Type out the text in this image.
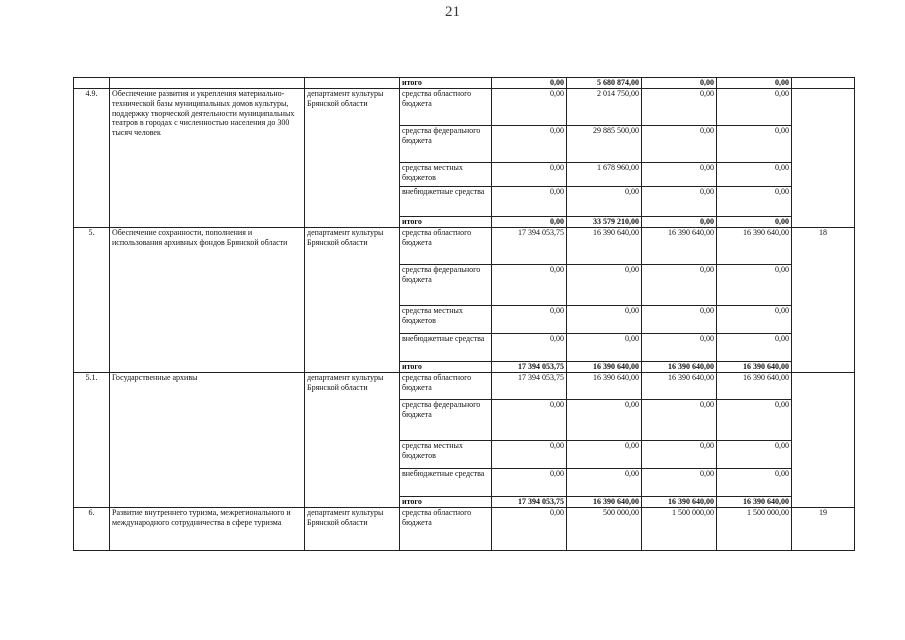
21
			итого	0,00	5 680 874,00	0,00	0,00	
4.9.	Обеспечение развития и укрепления материально-технической базы муниципальных домов культуры, поддержку творческой деятельности муниципальных театров в городах с численностью населения до 300 тысяч человек	департамент культуры Брянской области	средства областного бюджета	0,00	2 014 750,00	0,00	0,00	
			средства федерального бюджета	0,00	29 885 500,00	0,00	0,00	
			средства местных бюджетов	0,00	1 678 960,00	0,00	0,00	
			внебюджетные средства	0,00	0,00	0,00	0,00	
			итого	0,00	33 579 210,00	0,00	0,00	
5.	Обеспечение сохранности, пополнения и использования архивных фондов Брянской области	департамент культуры Брянской области	средства областного бюджета	17 394 053,75	16 390 640,00	16 390 640,00	16 390 640,00	18
			средства федерального бюджета	0,00	0,00	0,00	0,00	
			средства местных бюджетов	0,00	0,00	0,00	0,00	
			внебюджетные средства	0,00	0,00	0,00	0,00	
			итого	17 394 053,75	16 390 640,00	16 390 640,00	16 390 640,00	
5.1.	Государственные архивы	департамент культуры Брянской области	средства областного бюджета	17 394 053,75	16 390 640,00	16 390 640,00	16 390 640,00	
			средства федерального бюджета	0,00	0,00	0,00	0,00	
			средства местных бюджетов	0,00	0,00	0,00	0,00	
			внебюджетные средства	0,00	0,00	0,00	0,00	
			итого	17 394 053,75	16 390 640,00	16 390 640,00	16 390 640,00	
6.	Развитие внутреннего туризма, межрегионального и международного сотрудничества в сфере туризма	департамент культуры Брянской области	средства областного бюджета	0,00	500 000,00	1 500 000,00	1 500 000,00	19
